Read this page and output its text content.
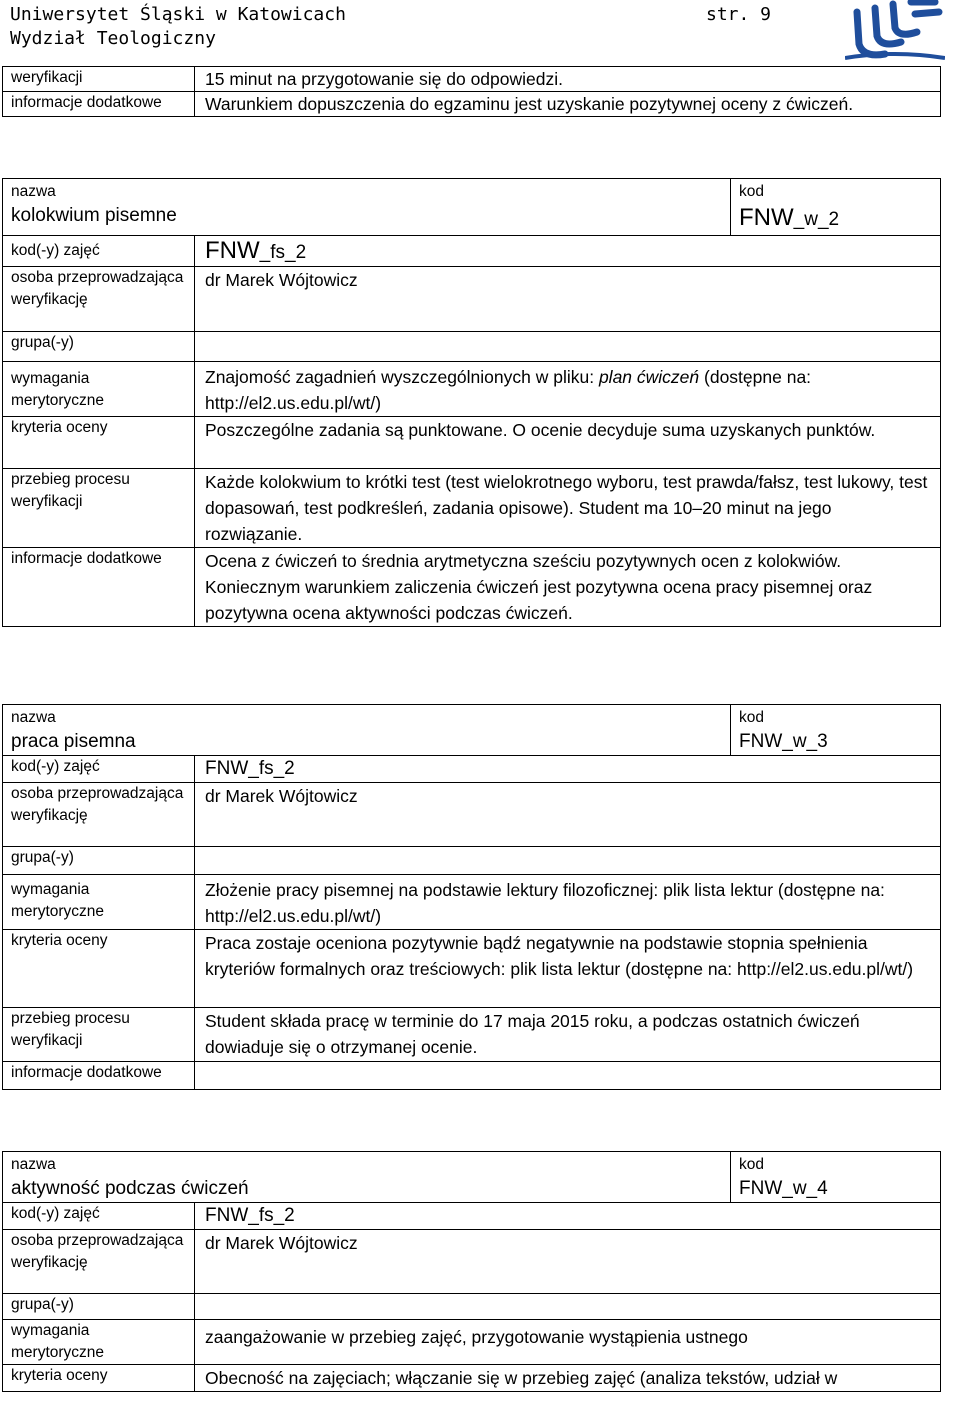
Uniwersytet Śląski w Katowicach
Wydział Teologiczny
str. 9
weryfikacji	15 minut na przygotowanie się do odpowiedzi.
informacje dodatkowe	Warunkiem dopuszczenia do egzaminu jest uzyskanie pozytywnej oceny z ćwiczeń.
nazwa		kod
kolokwium pisemne		FNW_w_2
kod(-y) zajęć	FNW_fs_2	
osoba przeprowadzająca weryfikację	dr Marek Wójtowicz	
grupa(-y)		
wymagania merytoryczne	Znajomość zagadnień wyszczególnionych w pliku: plan ćwiczeń (dostępne na: http://el2.us.edu.pl/wt/)	
kryteria oceny	Poszczególne zadania są punktowane. O ocenie decyduje suma uzyskanych punktów.	
przebieg procesu weryfikacji	Każde kolokwium to krótki test (test wielokrotnego wyboru, test prawda/fałsz, test lukowy, test dopasowań, test podkreśleń, zadania opisowe). Student ma 10–20 minut na jego rozwiązanie.	
informacje dodatkowe	Ocena z ćwiczeń to średnia arytmetyczna sześciu pozytywnych ocen z kolokwiów. Koniecznym warunkiem zaliczenia ćwiczeń jest pozytywna ocena pracy pisemnej oraz pozytywna ocena aktywności podczas ćwiczeń.	
nazwa		kod
praca pisemna		FNW_w_3
kod(-y) zajęć	FNW_fs_2	
osoba przeprowadzająca weryfikację	dr Marek Wójtowicz	
grupa(-y)		
wymagania merytoryczne	Złożenie pracy pisemnej na podstawie lektury filozoficznej: plik lista lektur (dostępne na: http://el2.us.edu.pl/wt/)	
kryteria oceny	Praca zostaje oceniona pozytywnie bądź negatywnie na podstawie stopnia spełnienia kryteriów formalnych oraz treściowych: plik lista lektur (dostępne na: http://el2.us.edu.pl/wt/)	
przebieg procesu weryfikacji	Student składa pracę w terminie do 17 maja 2015 roku, a podczas ostatnich ćwiczeń dowiaduje się o otrzymanej ocenie.	
informacje dodatkowe		
nazwa		kod
aktywność podczas ćwiczeń		FNW_w_4
kod(-y) zajęć	FNW_fs_2	
osoba przeprowadzająca weryfikację	dr Marek Wójtowicz	
grupa(-y)		
wymagania merytoryczne	zaangażowanie w przebieg zajęć, przygotowanie wystąpienia ustnego	
kryteria oceny	Obecność na zajęciach; włączanie się w przebieg zajęć (analiza tekstów, udział w	
